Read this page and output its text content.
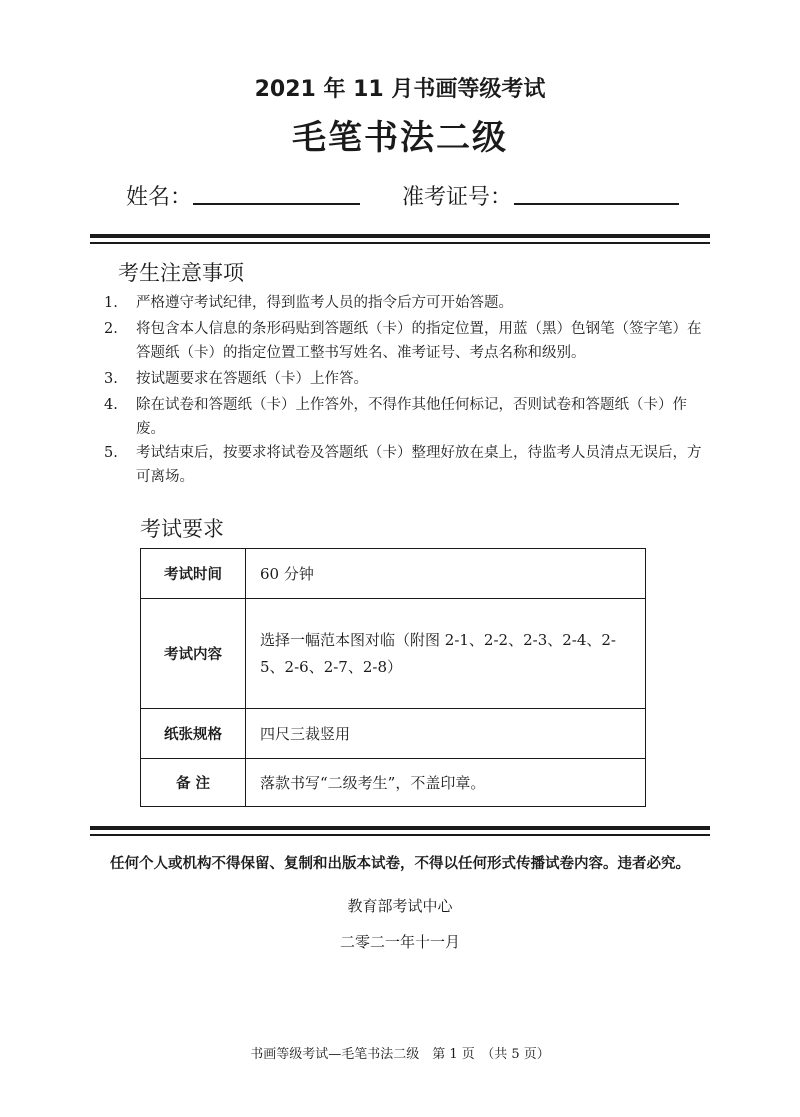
2021 年 11 月书画等级考试
毛笔书法二级
姓名：	准考证号：
考生注意事项
1.	严格遵守考试纪律，得到监考人员的指令后方可开始答题。
2.	将包含本人信息的条形码贴到答题纸（卡）的指定位置，用蓝（黑）色钢笔（签字笔）在答题纸（卡）的指定位置工整书写姓名、准考证号、考点名称和级别。
3.	按试题要求在答题纸（卡）上作答。
4.	除在试卷和答题纸（卡）上作答外，不得作其他任何标记，否则试卷和答题纸（卡）作废。
5.	考试结束后，按要求将试卷及答题纸（卡）整理好放在桌上，待监考人员清点无误后，方可离场。
考试要求
考试时间	60 分钟
考试内容	选择一幅范本图对临（附图 2-1、2-2、2-3、2-4、2-5、2-6、2-7、2-8）
纸张规格	四尺三裁竖用
备 注	落款书写“二级考生”，不盖印章。
任何个人或机构不得保留、复制和出版本试卷，不得以任何形式传播试卷内容。违者必究。
教育部考试中心
二零二一年十一月
书画等级考试—毛笔书法二级　第 1 页　（共 5 页）
